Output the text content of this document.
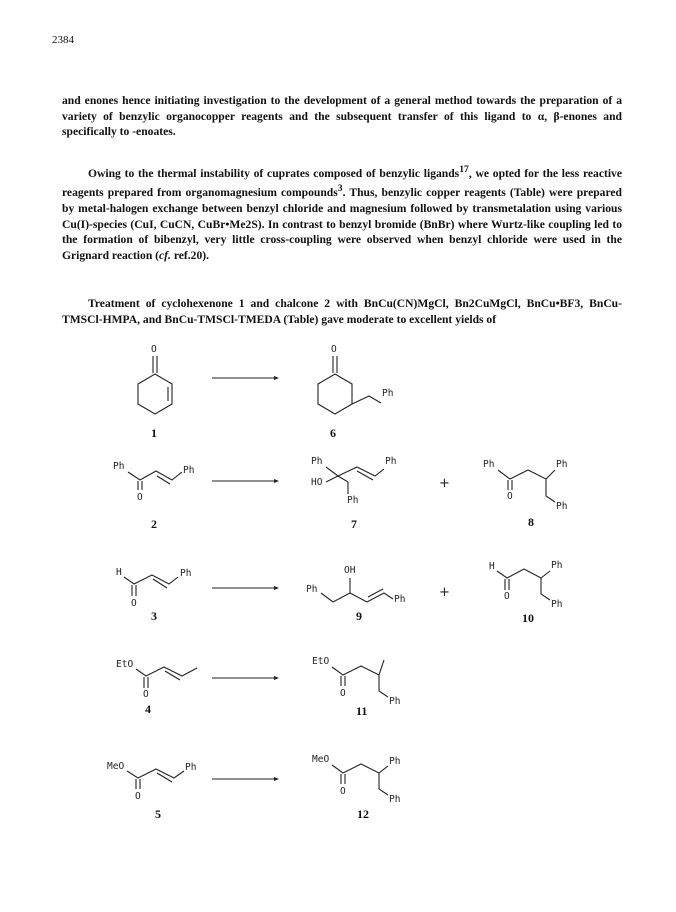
2384

and enones hence initiating investigation to the development of a general method towards the preparation of a variety of benzylic organocopper reagents and the subsequent transfer of this ligand to α, β-enones and specifically to -enoates.

Owing to the thermal instability of cuprates composed of benzylic ligands$^{17}$, we opted for the less reactive reagents prepared from organomagnesium compounds$^3$. Thus, benzylic copper reagents (Table) were prepared by metal-halogen exchange between benzyl chloride and magnesium followed by transmetalation using various Cu(I)-species (CuI, CuCN, CuBr•Me2S). In contrast to benzyl bromide (BnBr) where Wurtz-like coupling led to the formation of bibenzyl, very little cross-coupling were observed when benzyl chloride were used in the Grignard reaction (cf. ref.20).

Treatment of cyclohexenone 1 and chalcone 2 with BnCu(CN)MgCl, Bn2CuMgCl, BnCu•BF3, BnCu-TMSCl-HMPA, and BnCu-TMSCl-TMEDA (Table) gave moderate to excellent yields of

O
1
O
Ph
6
Ph
O
Ph
2
Ph
HO
Ph
Ph
7
+
Ph
O
Ph
Ph
8
H
O
Ph
3
OH
Ph
Ph
9
+
H
O
Ph
Ph
10
EtO
O
4
EtO
O
Ph
11
MeO
O
Ph
5
MeO
O
Ph
Ph
12
